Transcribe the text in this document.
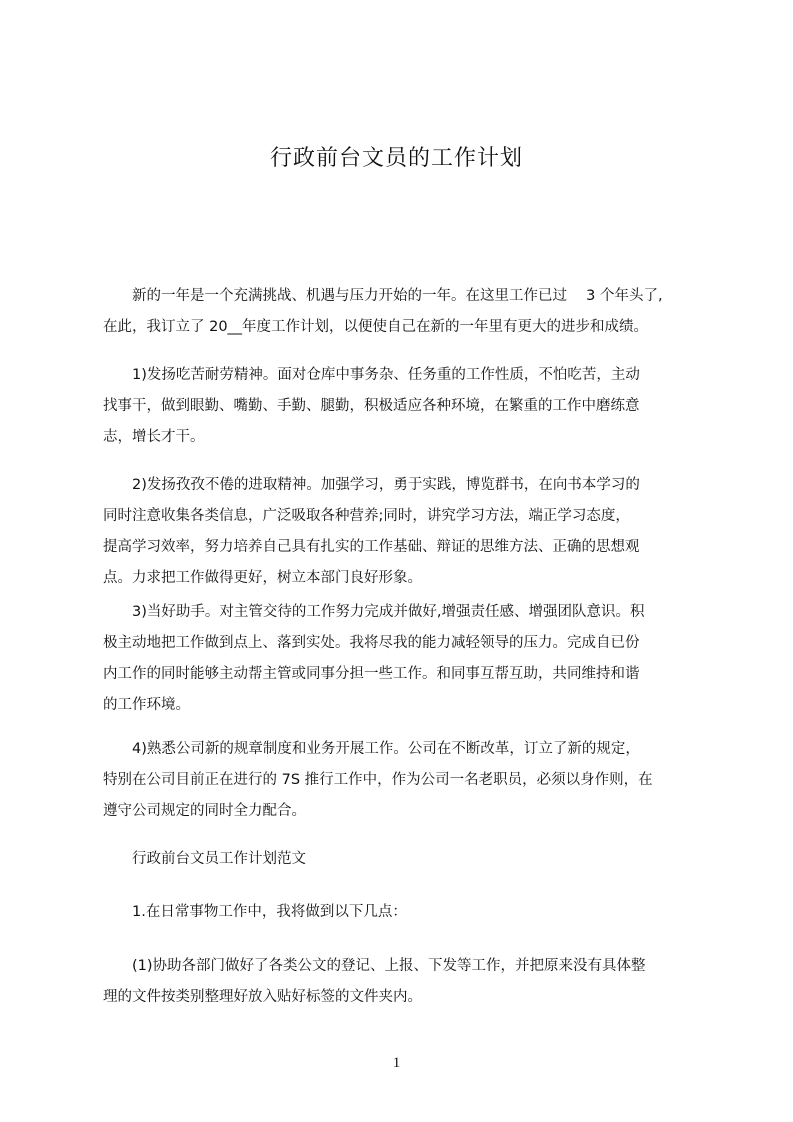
行政前台文员的工作计划
　　新的一年是一个充满挑战、机遇与压力开始的一年。在这里工作已过　 3 个年头了,
在此，我订立了 20__年度工作计划，以便使自己在新的一年里有更大的进步和成绩。
　　1)发扬吃苦耐劳精神。面对仓库中事务杂、任务重的工作性质，不怕吃苦，主动
找事干，做到眼勤、嘴勤、手勤、腿勤，积极适应各种环境，在繁重的工作中磨练意
志，增长才干。
　　2)发扬孜孜不倦的进取精神。加强学习，勇于实践，博览群书，在向书本学习的
同时注意收集各类信息，广泛吸取各种营养;同时，讲究学习方法，端正学习态度，
提高学习效率，努力培养自己具有扎实的工作基础、辩证的思维方法、正确的思想观
点。力求把工作做得更好，树立本部门良好形象。
　　3)当好助手。对主管交待的工作努力完成并做好,增强责任感、增强团队意识。积
极主动地把工作做到点上、落到实处。我将尽我的能力减轻领导的压力。完成自已份
内工作的同时能够主动帮主管或同事分担一些工作。和同事互帮互助，共同维持和谐
的工作环境。
　　4)熟悉公司新的规章制度和业务开展工作。公司在不断改革，订立了新的规定，
特别在公司目前正在进行的 7S 推行工作中，作为公司一名老职员，必须以身作则，在
遵守公司规定的同时全力配合。
　　行政前台文员工作计划范文
　　1.在日常事物工作中，我将做到以下几点：
　　(1)协助各部门做好了各类公文的登记、上报、下发等工作，并把原来没有具体整
理的文件按类别整理好放入贴好标签的文件夹内。
1
